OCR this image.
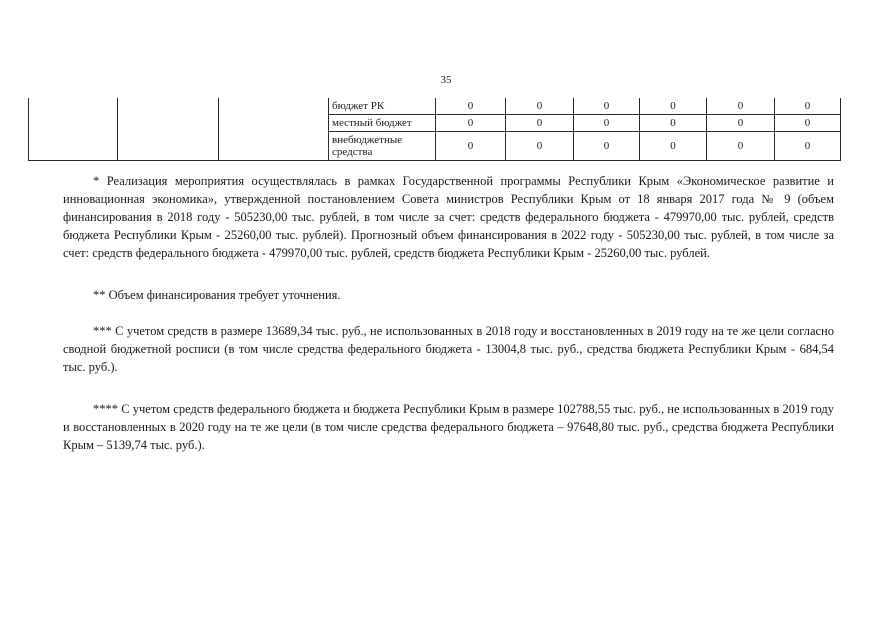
35
			бюджет РК	0	0	0	0	0	0
			местный бюджет	0	0	0	0	0	0
			внебюджетные средства	0	0	0	0	0	0

* Реализация мероприятия осуществлялась в рамках Государственной программы Республики Крым «Экономическое развитие и инновационная экономика», утвержденной постановлением Совета министров Республики Крым от 18 января 2017 года № 9 (объем финансирования в 2018 году - 505230,00 тыс. рублей, в том числе за счет: средств федерального бюджета - 479970,00 тыс. рублей, средств бюджета Республики Крым - 25260,00 тыс. рублей). Прогнозный объем финансирования в 2022 году - 505230,00 тыс. рублей, в том числе за счет: средств федерального бюджета - 479970,00 тыс. рублей, средств бюджета Республики Крым - 25260,00 тыс. рублей.

** Объем финансирования требует уточнения.

*** С учетом средств в размере 13689,34 тыс. руб., не использованных в 2018 году и восстановленных в 2019 году на те же цели согласно сводной бюджетной росписи (в том числе средства федерального бюджета - 13004,8 тыс. руб., средства бюджета Республики Крым - 684,54 тыс. руб.).

**** С учетом средств федерального бюджета и бюджета Республики Крым в размере 102788,55 тыс. руб., не использованных в 2019 году и восстановленных в 2020 году на те же цели (в том числе средства федерального бюджета – 97648,80 тыс. руб., средства бюджета Республики Крым – 5139,74 тыс. руб.).
